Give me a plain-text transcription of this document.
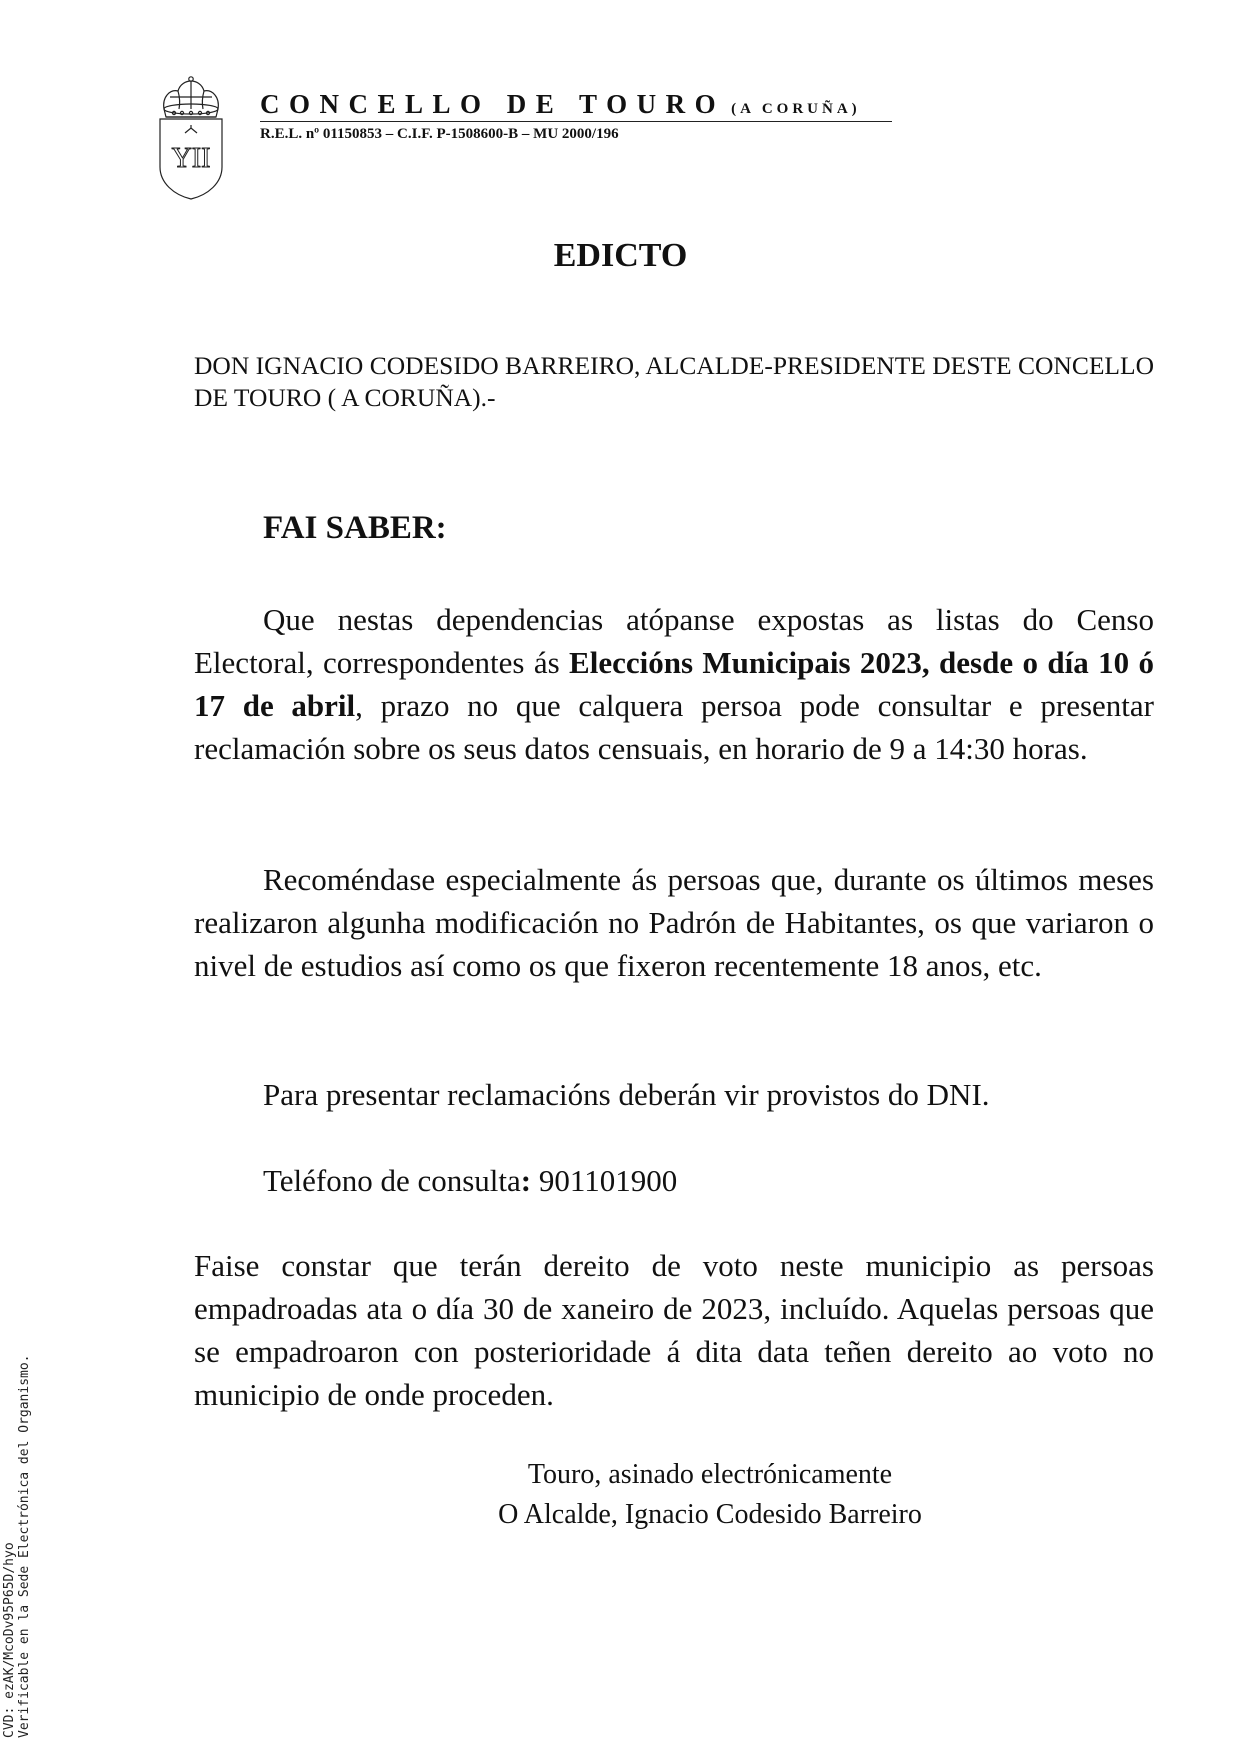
YII
CONCELLO DE TOURO (A CORUÑA)
R.E.L. nº 01150853 – C.I.F. P-1508600-B – MU 2000/196
EDICTO
DON IGNACIO CODESIDO BARREIRO, ALCALDE-PRESIDENTE DESTE CONCELLO DE TOURO ( A CORUÑA).-
FAI SABER:

Que nestas dependencias atópanse expostas as listas do Censo Electoral, correspondentes ás Eleccións Municipais 2023, desde o día 10 ó 17 de abril, prazo no que calquera persoa pode consultar e presentar reclamación sobre os seus datos censuais, en horario de 9 a 14:30 horas.

Recoméndase especialmente ás persoas que, durante os últimos meses realizaron algunha modificación no Padrón de Habitantes, os que variaron o nivel de estudios así como os que fixeron recentemente 18 anos, etc.

Para presentar reclamacións deberán vir provistos do DNI.

Teléfono de consulta: 901101900

Faise constar que terán dereito de voto neste municipio as persoas empadroadas ata o día 30 de xaneiro de 2023, incluído. Aquelas persoas que se empadroaron con posterioridade á dita data teñen dereito ao voto no municipio de onde proceden.

Touro, asinado electrónicamente
O Alcalde, Ignacio Codesido Barreiro
CVD: ezAK/McoDv95P65D/hyo Verificable en la Sede Electrónica del Organismo.
